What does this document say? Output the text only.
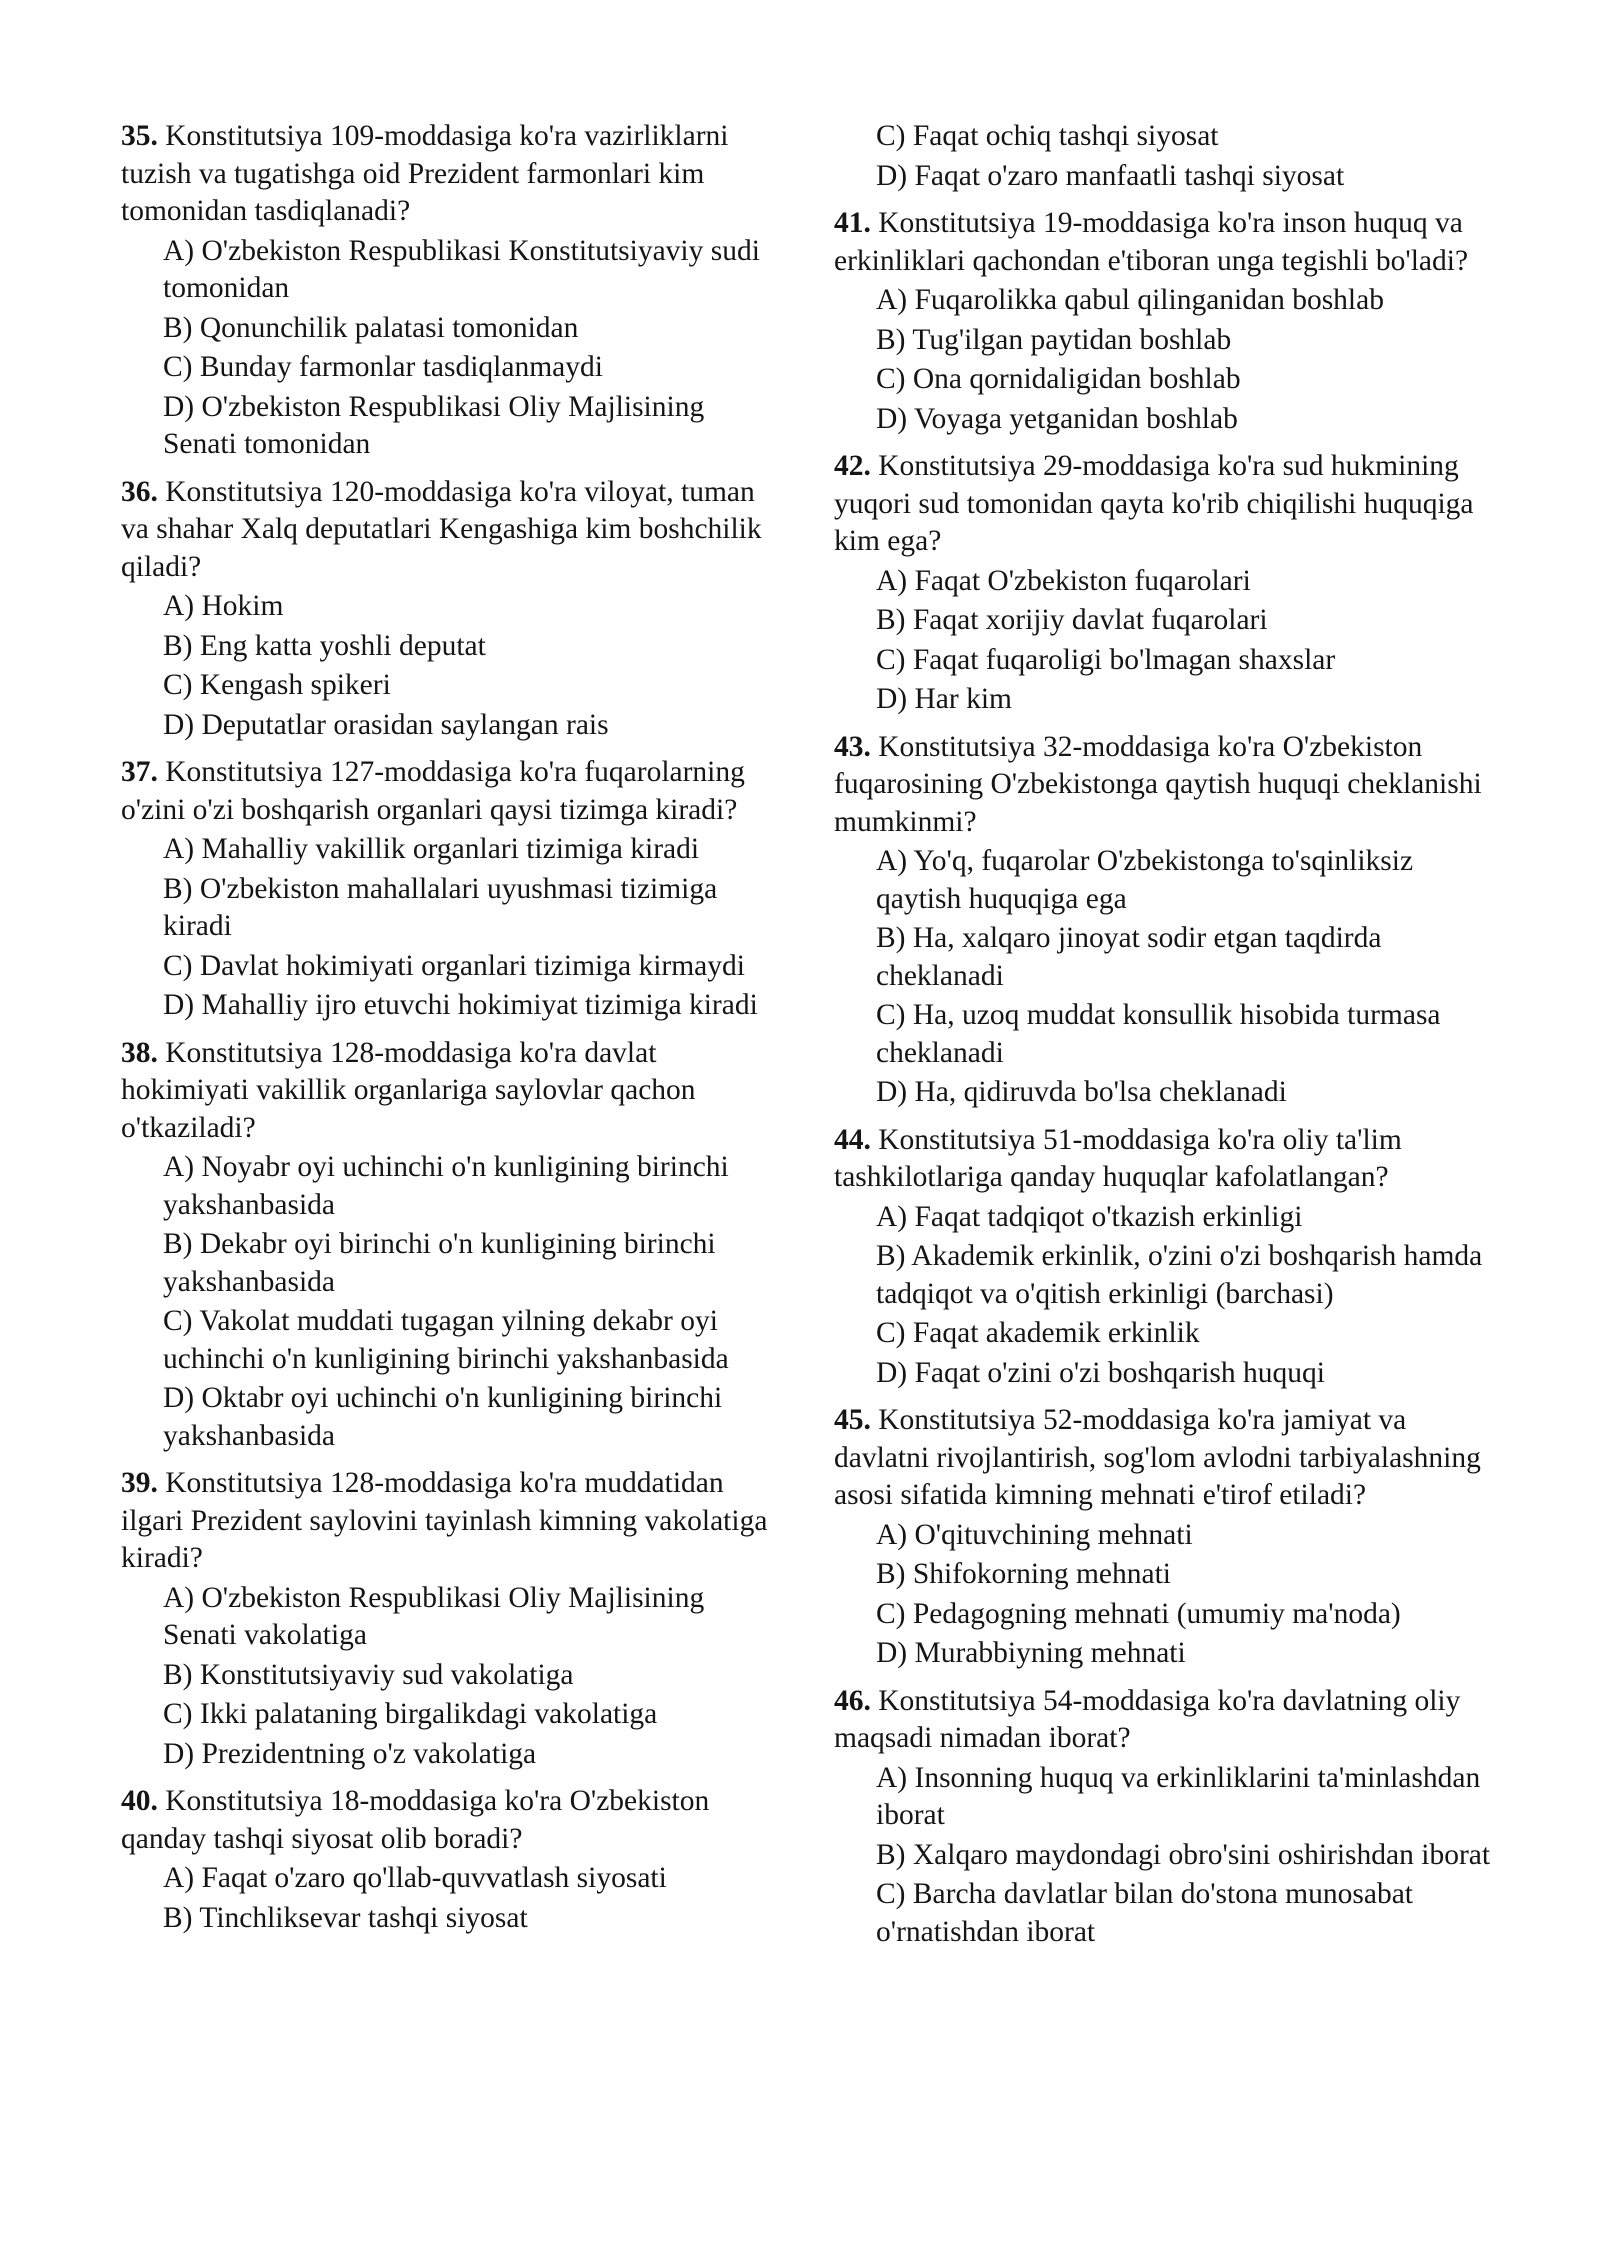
35. Konstitutsiya 109-moddasiga ko'ra vazirliklarni tuzish va tugatishga oid Prezident farmonlari kim tomonidan tasdiqlanadi?
A) O'zbekiston Respublikasi Konstitutsiyaviy sudi tomonidan
B) Qonunchilik palatasi tomonidan
C) Bunday farmonlar tasdiqlanmaydi
D) O'zbekiston Respublikasi Oliy Majlisining Senati tomonidan
36. Konstitutsiya 120-moddasiga ko'ra viloyat, tuman va shahar Xalq deputatlari Kengashiga kim boshchilik qiladi?
A) Hokim
B) Eng katta yoshli deputat
C) Kengash spikeri
D) Deputatlar orasidan saylangan rais
37. Konstitutsiya 127-moddasiga ko'ra fuqarolarning o'zini o'zi boshqarish organlari qaysi tizimga kiradi?
A) Mahalliy vakillik organlari tizimiga kiradi
B) O'zbekiston mahallalari uyushmasi tizimiga kiradi
C) Davlat hokimiyati organlari tizimiga kirmaydi
D) Mahalliy ijro etuvchi hokimiyat tizimiga kiradi
38. Konstitutsiya 128-moddasiga ko'ra davlat hokimiyati vakillik organlariga saylovlar qachon o'tkaziladi?
A) Noyabr oyi uchinchi o'n kunligining birinchi yakshanbasida
B) Dekabr oyi birinchi o'n kunligining birinchi yakshanbasida
C) Vakolat muddati tugagan yilning dekabr oyi uchinchi o'n kunligining birinchi yakshanbasida
D) Oktabr oyi uchinchi o'n kunligining birinchi yakshanbasida
39. Konstitutsiya 128-moddasiga ko'ra muddatidan ilgari Prezident saylovini tayinlash kimning vakolatiga kiradi?
A) O'zbekiston Respublikasi Oliy Majlisining Senati vakolatiga
B) Konstitutsiyaviy sud vakolatiga
C) Ikki palataning birgalikdagi vakolatiga
D) Prezidentning o'z vakolatiga
40. Konstitutsiya 18-moddasiga ko'ra O'zbekiston qanday tashqi siyosat olib boradi?
A) Faqat o'zaro qo'llab-quvvatlash siyosati
B) Tinchliksevar tashqi siyosat
C) Faqat ochiq tashqi siyosat
D) Faqat o'zaro manfaatli tashqi siyosat
41. Konstitutsiya 19-moddasiga ko'ra inson huquq va erkinliklari qachondan e'tiboran unga tegishli bo'ladi?
A) Fuqarolikka qabul qilinganidan boshlab
B) Tug'ilgan paytidan boshlab
C) Ona qornidaligidan boshlab
D) Voyaga yetganidan boshlab
42. Konstitutsiya 29-moddasiga ko'ra sud hukmining yuqori sud tomonidan qayta ko'rib chiqilishi huquqiga kim ega?
A) Faqat O'zbekiston fuqarolari
B) Faqat xorijiy davlat fuqarolari
C) Faqat fuqaroligi bo'lmagan shaxslar
D) Har kim
43. Konstitutsiya 32-moddasiga ko'ra O'zbekiston fuqarosining O'zbekistonga qaytish huquqi cheklanishi mumkinmi?
A) Yo'q, fuqarolar O'zbekistonga to'sqinliksiz qaytish huquqiga ega
B) Ha, xalqaro jinoyat sodir etgan taqdirda cheklanadi
C) Ha, uzoq muddat konsullik hisobida turmasa cheklanadi
D) Ha, qidiruvda bo'lsa cheklanadi
44. Konstitutsiya 51-moddasiga ko'ra oliy ta'lim tashkilotlariga qanday huquqlar kafolatlangan?
A) Faqat tadqiqot o'tkazish erkinligi
B) Akademik erkinlik, o'zini o'zi boshqarish hamda tadqiqot va o'qitish erkinligi (barchasi)
C) Faqat akademik erkinlik
D) Faqat o'zini o'zi boshqarish huquqi
45. Konstitutsiya 52-moddasiga ko'ra jamiyat va davlatni rivojlantirish, sog'lom avlodni tarbiyalashning asosi sifatida kimning mehnati e'tirof etiladi?
A) O'qituvchining mehnati
B) Shifokorning mehnati
C) Pedagogning mehnati (umumiy ma'noda)
D) Murabbiyning mehnati
46. Konstitutsiya 54-moddasiga ko'ra davlatning oliy maqsadi nimadan iborat?
A) Insonning huquq va erkinliklarini ta'minlashdan iborat
B) Xalqaro maydondagi obro'sini oshirishdan iborat
C) Barcha davlatlar bilan do'stona munosabat o'rnatishdan iborat
